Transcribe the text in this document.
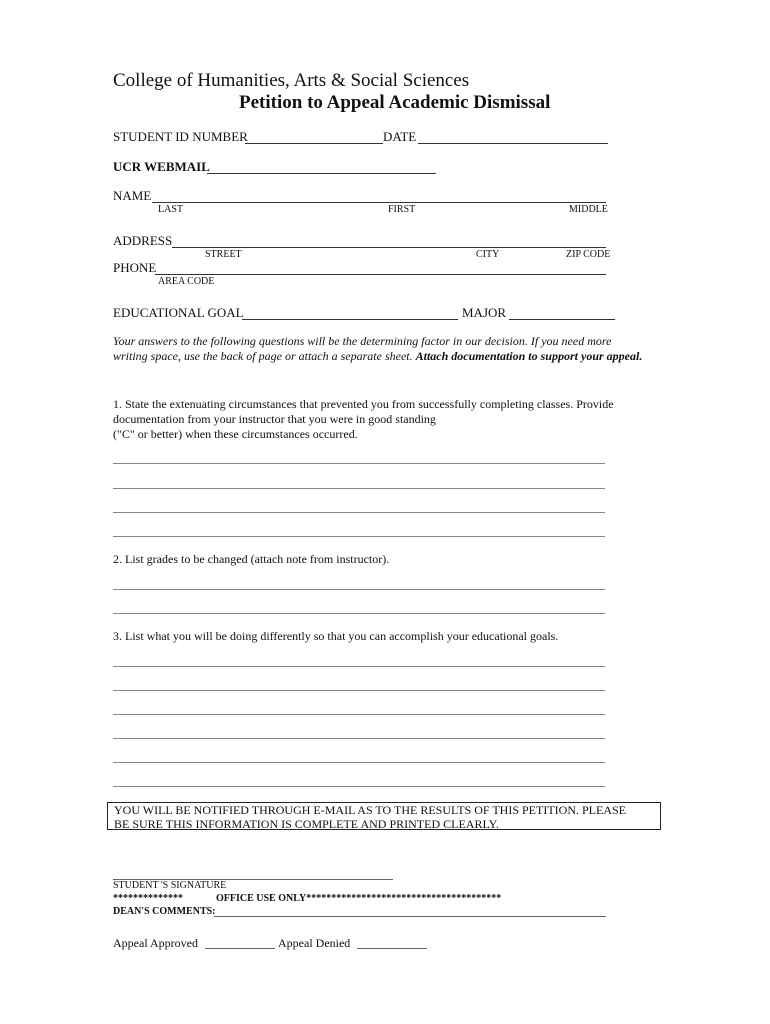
College of Humanities, Arts & Social Sciences
Petition to Appeal Academic Dismissal
STUDENT ID NUMBER	DATE
UCR WEBMAIL
NAME
LAST	FIRST	MIDDLE
ADDRESS
STREET	CITY	ZIP CODE
PHONE
AREA CODE
EDUCATIONAL GOAL	MAJOR
Your answers to the following questions will be the determining factor in our decision. If you need more writing space, use the back of page or attach a separate sheet. Attach documentation to support your appeal.
1. State the extenuating circumstances that prevented you from successfully completing classes. Provide documentation from your instructor that you were in good standing
("C" or better) when these circumstances occurred.
2. List grades to be changed (attach note from instructor).
3. List what you will be doing differently so that you can accomplish your educational goals.
YOU WILL BE NOTIFIED THROUGH E-MAIL AS TO THE RESULTS OF THIS PETITION. PLEASE
BE SURE THIS INFORMATION IS COMPLETE AND PRINTED CLEARLY.
STUDENT 'S SIGNATURE
**************	OFFICE USE ONLY***************************************
DEAN'S COMMENTS:
Appeal Approved	Appeal Denied
